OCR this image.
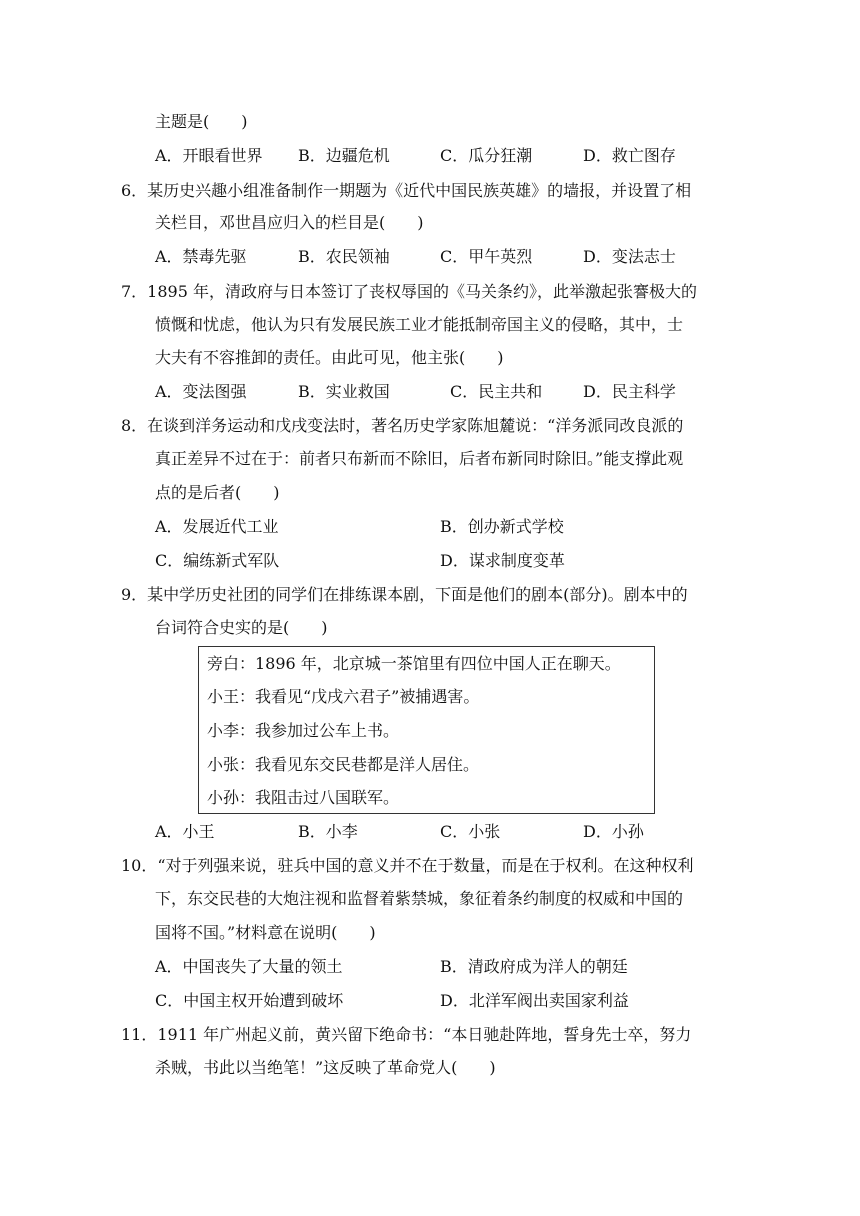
主题是(　　)
A．开眼看世界 B．边疆危机	C．瓜分狂潮	D．救亡图存
6．某历史兴趣小组准备制作一期题为《近代中国民族英雄》的墙报，并设置了相
关栏目，邓世昌应归入的栏目是(　　)
A．禁毒先驱	B．农民领袖	C．甲午英烈	D．变法志士
7．1895 年，清政府与日本签订了丧权辱国的《马关条约》，此举激起张謇极大的
愤慨和忧虑，他认为只有发展民族工业才能抵制帝国主义的侵略，其中，士
大夫有不容推卸的责任。由此可见，他主张(　　)
A．变法图强	B．实业救国	C．民主共和	D．民主科学
8．在谈到洋务运动和戊戌变法时，著名历史学家陈旭麓说：“洋务派同改良派的
真正差异不过在于：前者只布新而不除旧，后者布新同时除旧。”能支撑此观
点的是后者(　　)
A．发展近代工业	B．创办新式学校
C．编练新式军队	D．谋求制度变革
9．某中学历史社团的同学们在排练课本剧，下面是他们的剧本(部分)。剧本中的
台词符合史实的是(　　)
旁白：1896 年，北京城一茶馆里有四位中国人正在聊天。
小王：我看见“戊戌六君子”被捕遇害。
小李：我参加过公车上书。
小张：我看见东交民巷都是洋人居住。
小孙：我阻击过八国联军。
A．小王	B．小李	C．小张	D．小孙
10．“对于列强来说，驻兵中国的意义并不在于数量，而是在于权利。在这种权利
下，东交民巷的大炮注视和监督着紫禁城，象征着条约制度的权威和中国的
国将不国。”材料意在说明(　　)
A．中国丧失了大量的领土	B．清政府成为洋人的朝廷
C．中国主权开始遭到破坏	D．北洋军阀出卖国家利益
11．1911 年广州起义前，黄兴留下绝命书：“本日驰赴阵地，誓身先士卒，努力
杀贼，书此以当绝笔！”这反映了革命党人(　　)
